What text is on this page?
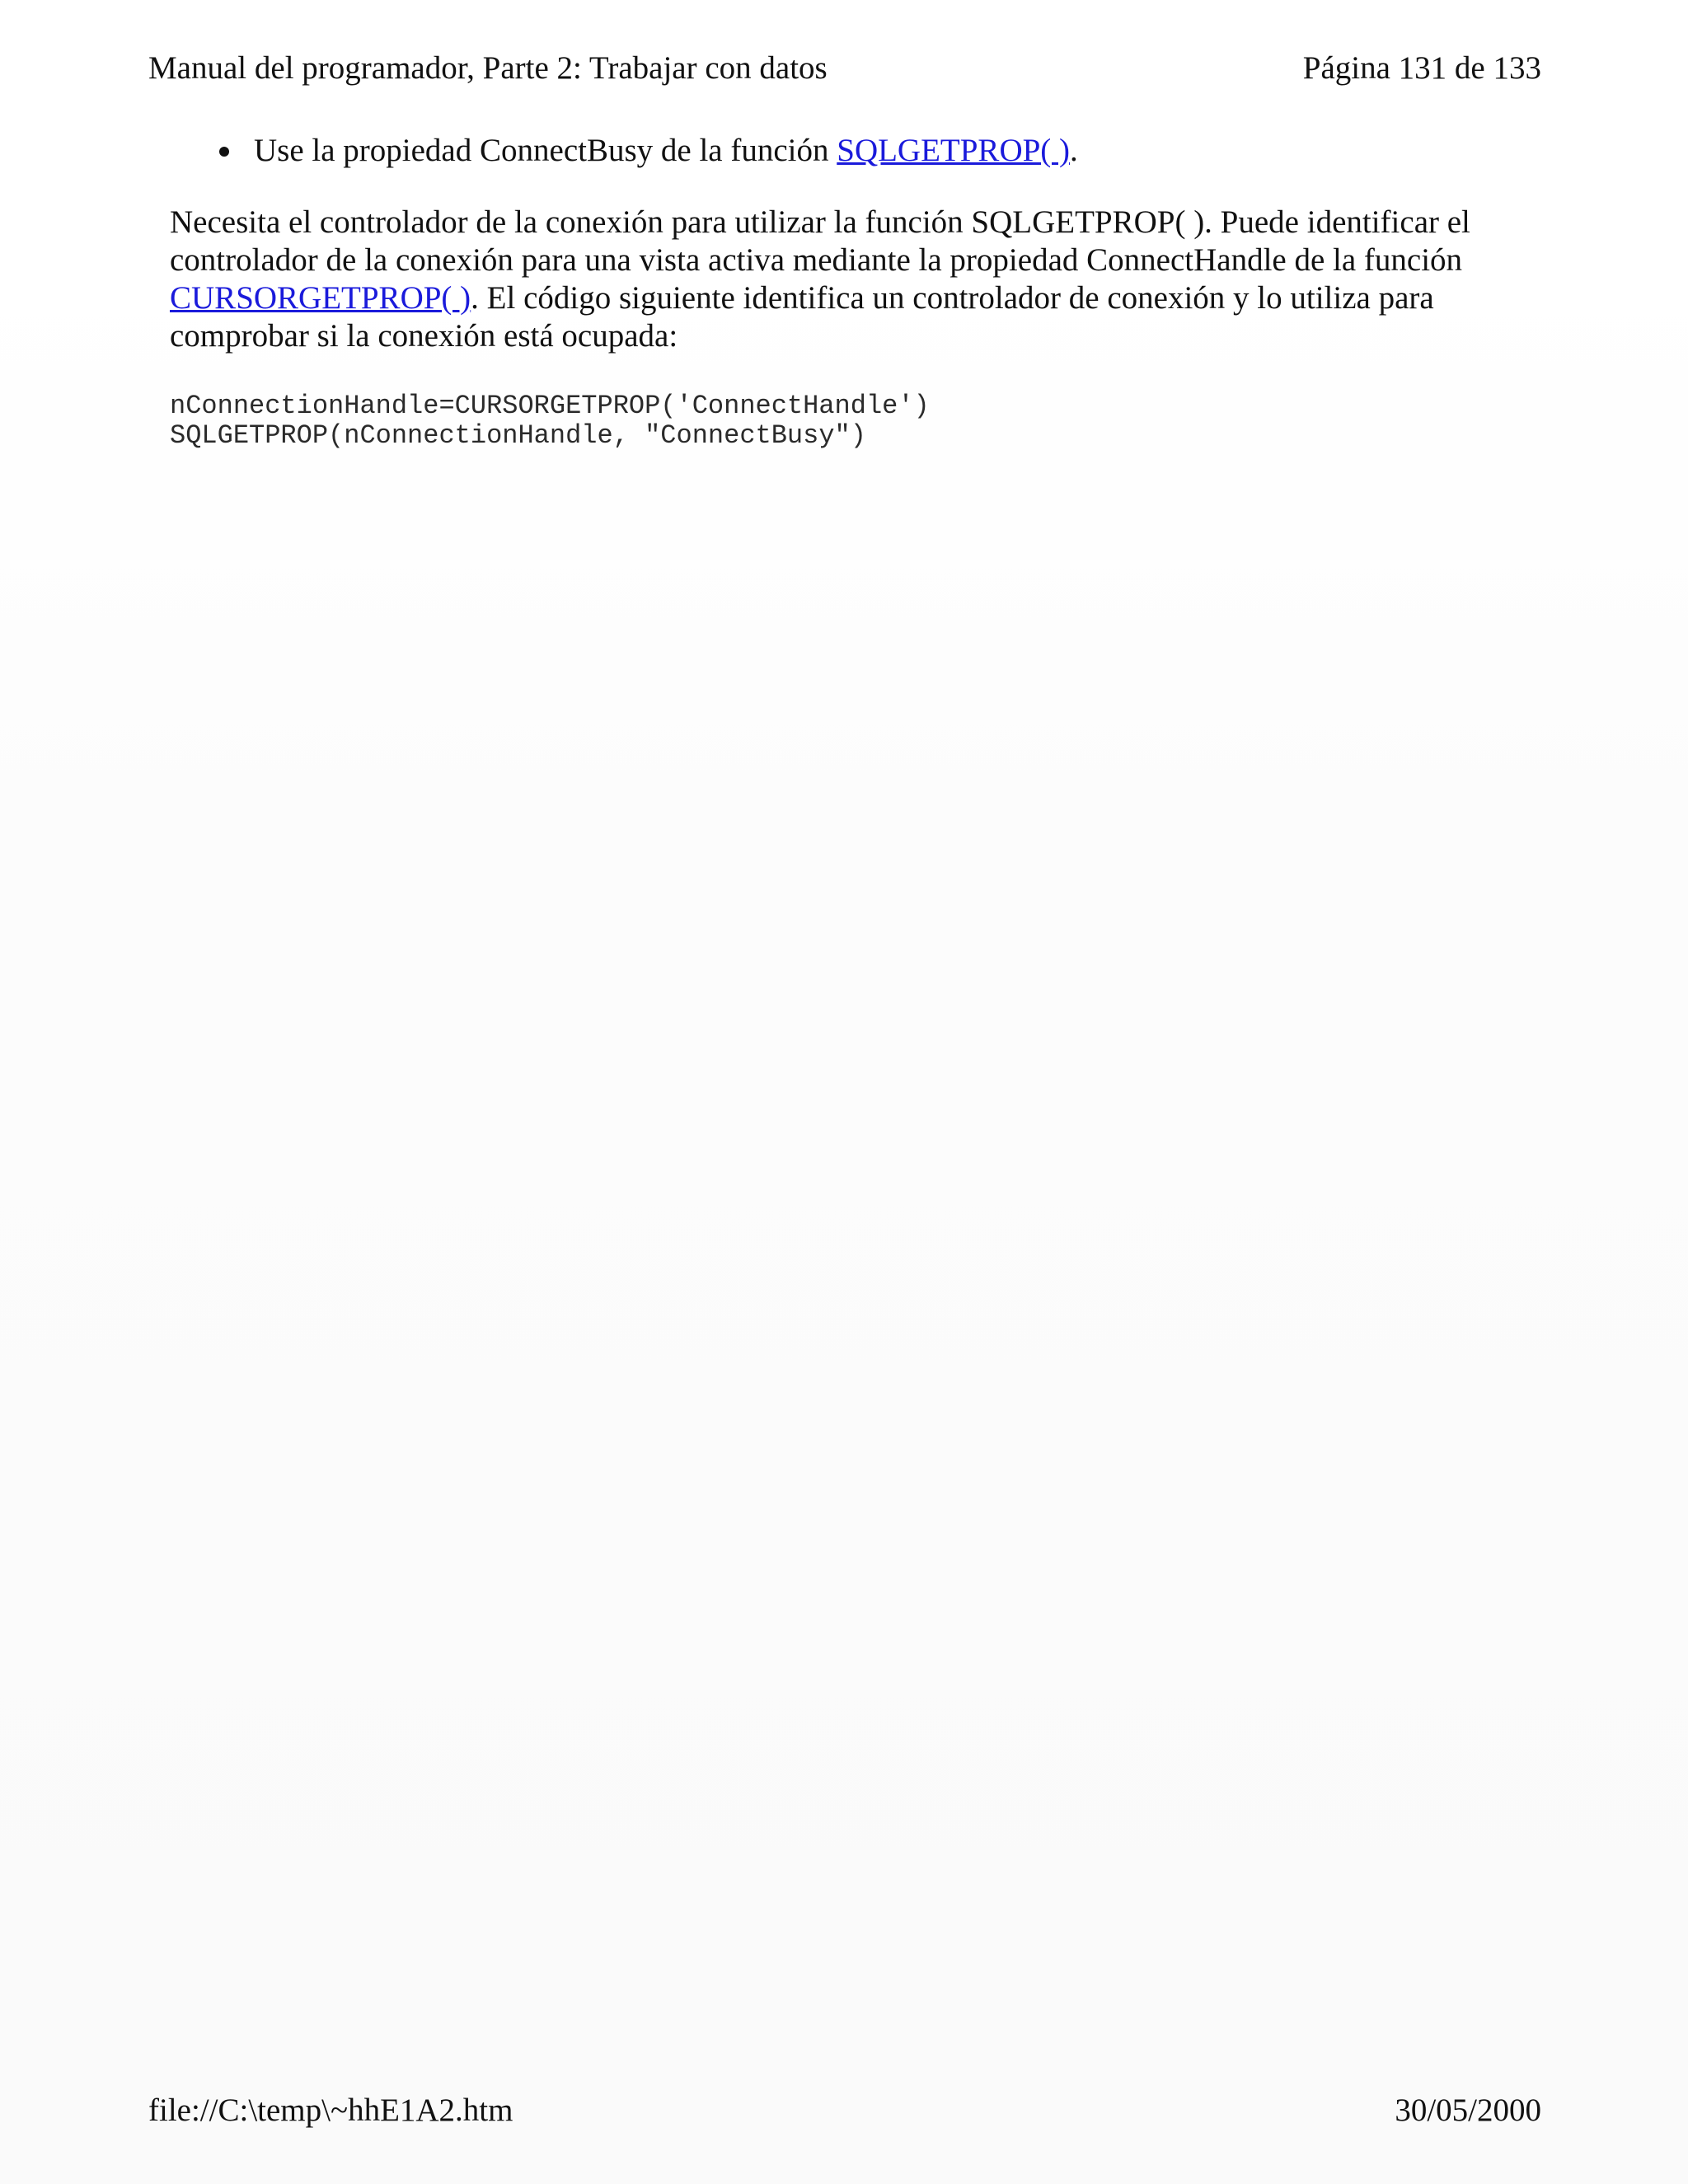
Manual del programador, Parte 2: Trabajar con datos	Página 131 de 133
Use la propiedad ConnectBusy de la función SQLGETPROP( ).

Necesita el controlador de la conexión para utilizar la función SQLGETPROP( ). Puede identificar el controlador de la conexión para una vista activa mediante la propiedad ConnectHandle de la función CURSORGETPROP( ). El código siguiente identifica un controlador de conexión y lo utiliza para comprobar si la conexión está ocupada:

nConnectionHandle=CURSORGETPROP('ConnectHandle')
SQLGETPROP(nConnectionHandle, "ConnectBusy")
file://C:\temp\~hhE1A2.htm	30/05/2000
